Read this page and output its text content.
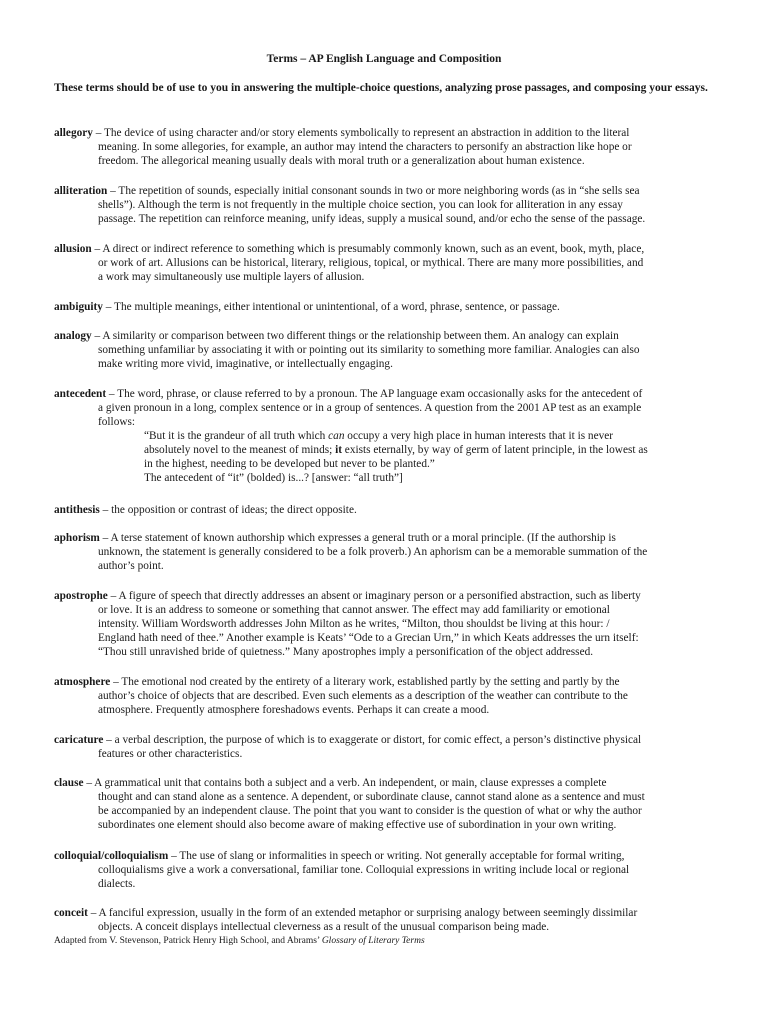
Terms – AP English Language and Composition
These terms should be of use to you in answering the multiple-choice questions, analyzing prose passages, and composing your essays.
allegory – The device of using character and/or story elements symbolically to represent an abstraction in addition to the literal
meaning. In some allegories, for example, an author may intend the characters to personify an abstraction like hope or
freedom. The allegorical meaning usually deals with moral truth or a generalization about human existence.
alliteration – The repetition of sounds, especially initial consonant sounds in two or more neighboring words (as in “she sells sea
shells”). Although the term is not frequently in the multiple choice section, you can look for alliteration in any essay
passage. The repetition can reinforce meaning, unify ideas, supply a musical sound, and/or echo the sense of the passage.
allusion – A direct or indirect reference to something which is presumably commonly known, such as an event, book, myth, place,
or work of art. Allusions can be historical, literary, religious, topical, or mythical. There are many more possibilities, and
a work may simultaneously use multiple layers of allusion.
ambiguity – The multiple meanings, either intentional or unintentional, of a word, phrase, sentence, or passage.
analogy – A similarity or comparison between two different things or the relationship between them. An analogy can explain
something unfamiliar by associating it with or pointing out its similarity to something more familiar. Analogies can also
make writing more vivid, imaginative, or intellectually engaging.
antecedent – The word, phrase, or clause referred to by a pronoun. The AP language exam occasionally asks for the antecedent of
a given pronoun in a long, complex sentence or in a group of sentences. A question from the 2001 AP test as an example
follows:
“But it is the grandeur of all truth which can occupy a very high place in human interests that it is never
absolutely novel to the meanest of minds; it exists eternally, by way of germ of latent principle, in the lowest as
in the highest, needing to be developed but never to be planted.”
The antecedent of “it” (bolded) is...? [answer: “all truth”]
antithesis – the opposition or contrast of ideas; the direct opposite.
aphorism – A terse statement of known authorship which expresses a general truth or a moral principle. (If the authorship is
unknown, the statement is generally considered to be a folk proverb.) An aphorism can be a memorable summation of the
author’s point.
apostrophe – A figure of speech that directly addresses an absent or imaginary person or a personified abstraction, such as liberty
or love. It is an address to someone or something that cannot answer. The effect may add familiarity or emotional
intensity. William Wordsworth addresses John Milton as he writes, “Milton, thou shouldst be living at this hour: /
England hath need of thee.” Another example is Keats’ “Ode to a Grecian Urn,” in which Keats addresses the urn itself:
“Thou still unravished bride of quietness.” Many apostrophes imply a personification of the object addressed.
atmosphere – The emotional nod created by the entirety of a literary work, established partly by the setting and partly by the
author’s choice of objects that are described. Even such elements as a description of the weather can contribute to the
atmosphere. Frequently atmosphere foreshadows events. Perhaps it can create a mood.
caricature – a verbal description, the purpose of which is to exaggerate or distort, for comic effect, a person’s distinctive physical
features or other characteristics.
clause – A grammatical unit that contains both a subject and a verb. An independent, or main, clause expresses a complete
thought and can stand alone as a sentence. A dependent, or subordinate clause, cannot stand alone as a sentence and must
be accompanied by an independent clause. The point that you want to consider is the question of what or why the author
subordinates one element should also become aware of making effective use of subordination in your own writing.
colloquial/colloquialism – The use of slang or informalities in speech or writing. Not generally acceptable for formal writing,
colloquialisms give a work a conversational, familiar tone. Colloquial expressions in writing include local or regional
dialects.
conceit – A fanciful expression, usually in the form of an extended metaphor or surprising analogy between seemingly dissimilar
objects. A conceit displays intellectual cleverness as a result of the unusual comparison being made.
Adapted from V. Stevenson, Patrick Henry High School, and Abrams’ Glossary of Literary Terms
